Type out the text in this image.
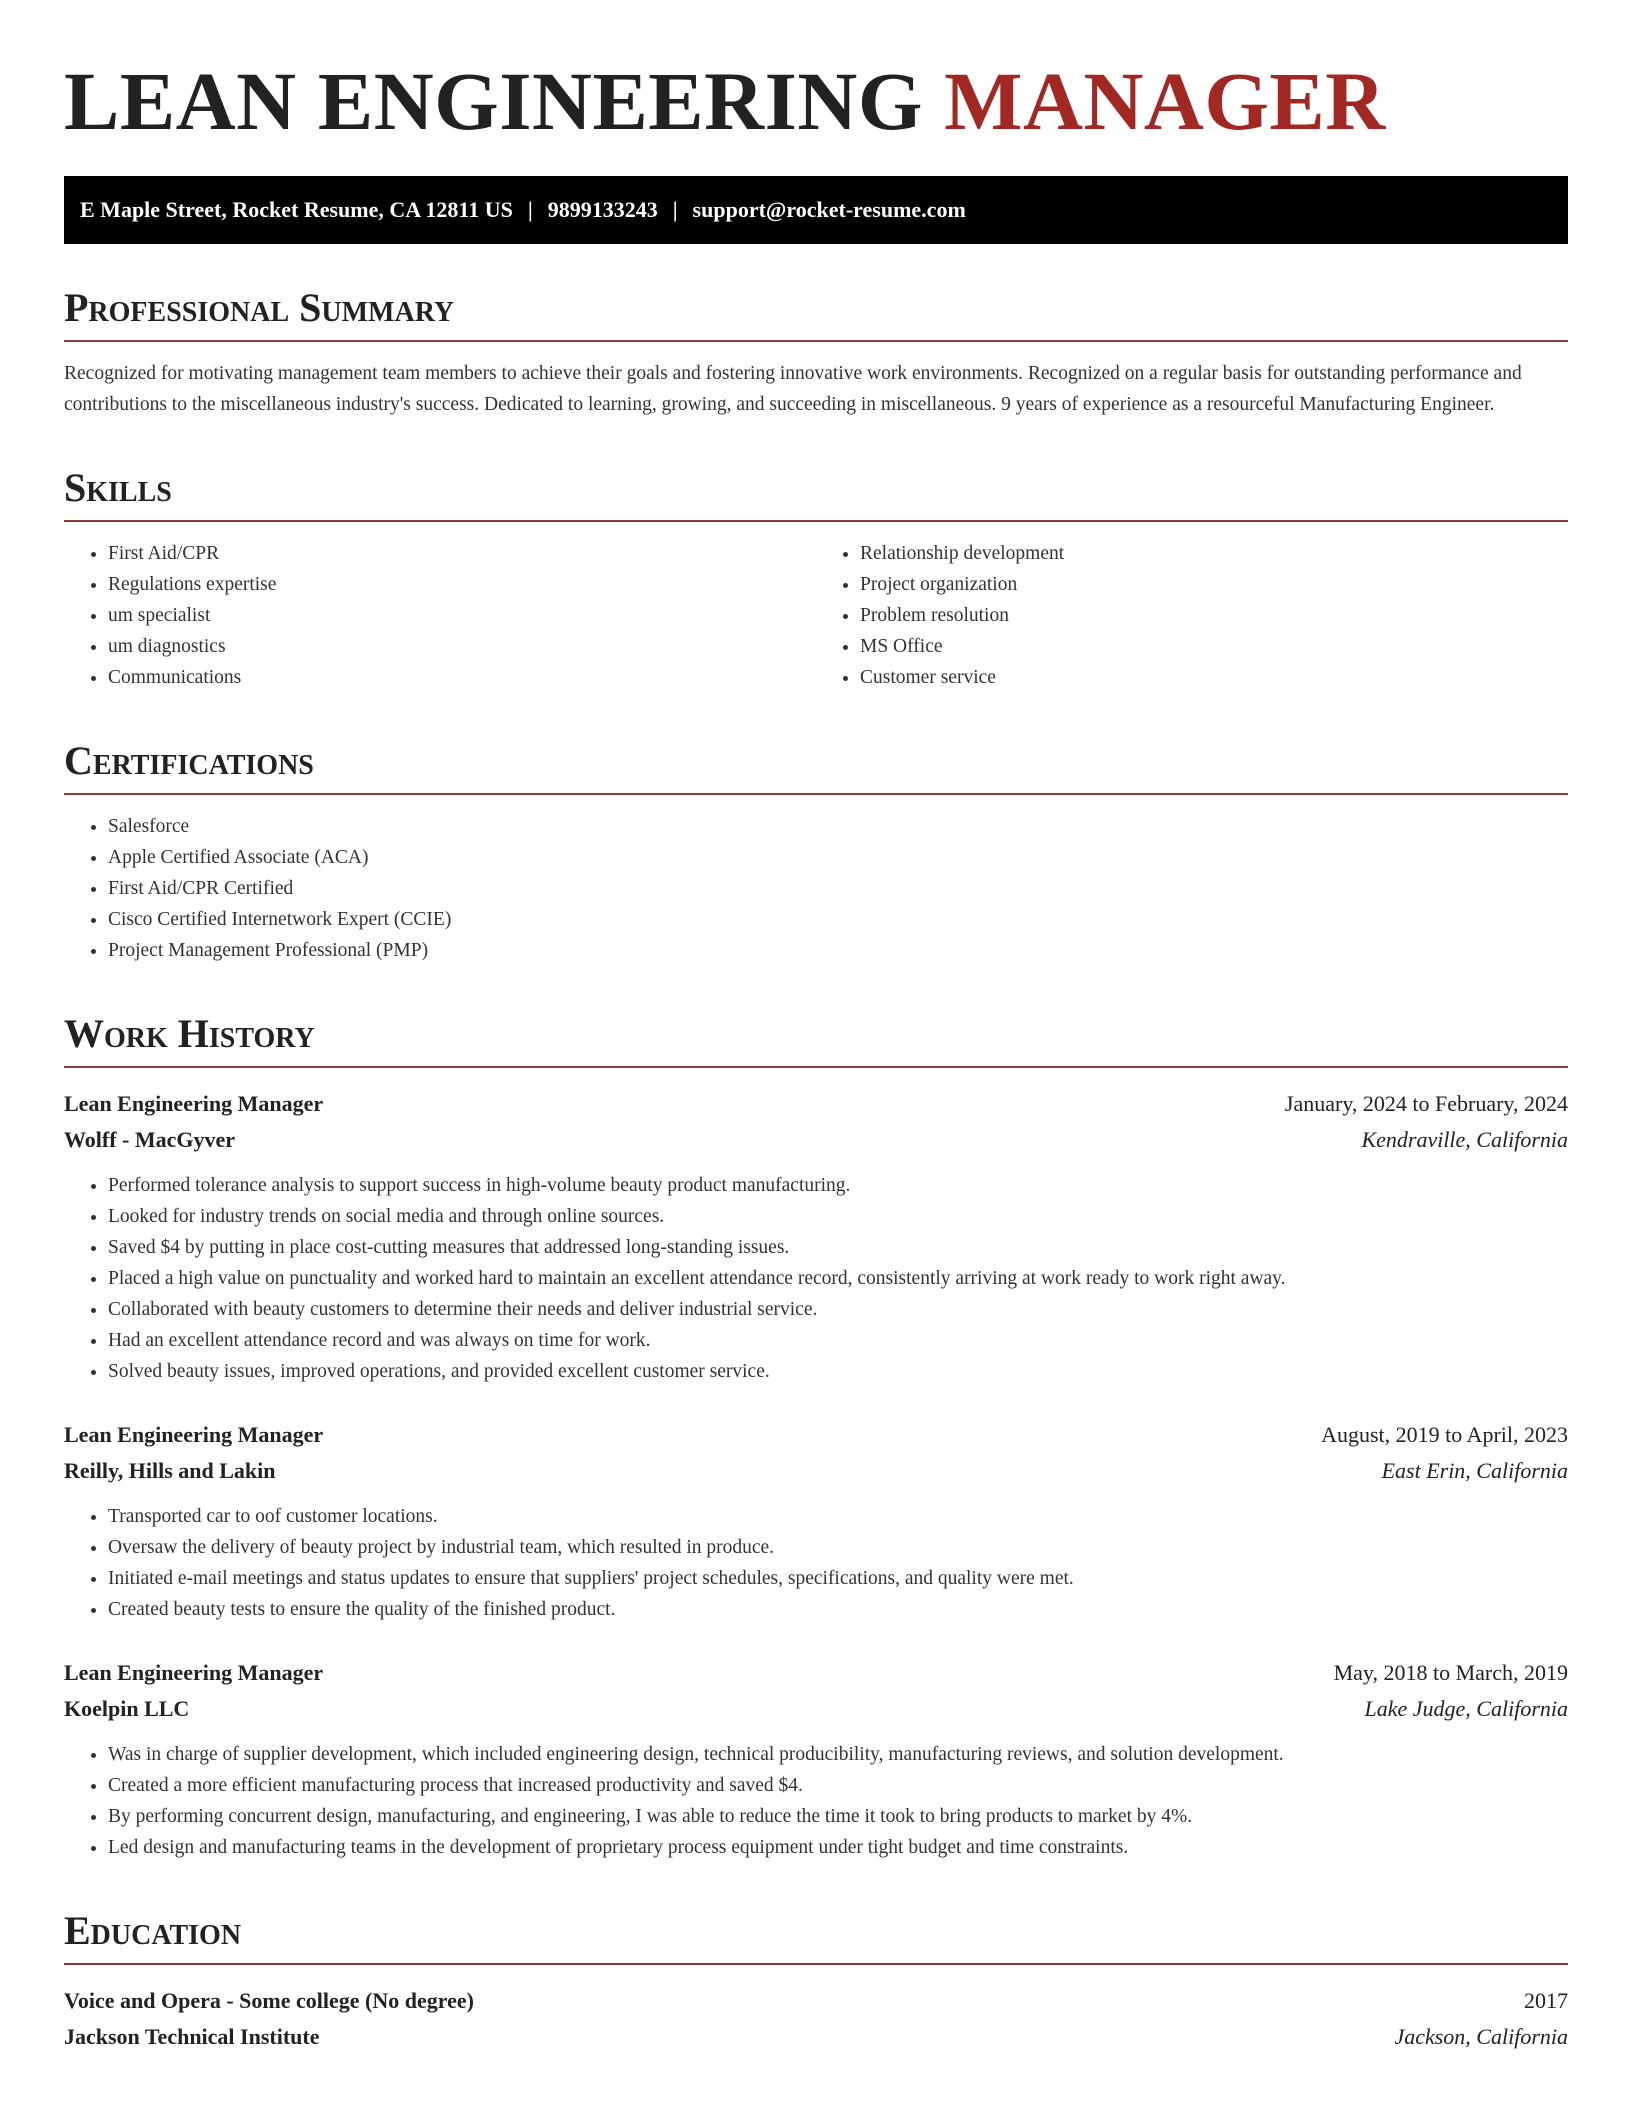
LEAN ENGINEERING MANAGER
E Maple Street, Rocket Resume, CA 12811 US | 9899133243 | support@rocket-resume.com
Professional Summary

Recognized for motivating management team members to achieve their goals and fostering innovative work environments. Recognized on a regular basis for outstanding performance and contributions to the miscellaneous industry's success. Dedicated to learning, growing, and succeeding in miscellaneous. 9 years of experience as a resourceful Manufacturing Engineer.

Skills
• First Aid/CPR
• Regulations expertise
• um specialist
• um diagnostics
• Communications
• Relationship development
• Project organization
• Problem resolution
• MS Office
• Customer service
Certifications
• Salesforce
• Apple Certified Associate (ACA)
• First Aid/CPR Certified
• Cisco Certified Internetwork Expert (CCIE)
• Project Management Professional (PMP)
Work History
Lean Engineering Manager	January, 2024 to February, 2024
Wolff - MacGyver	Kendraville, California
• Performed tolerance analysis to support success in high-volume beauty product manufacturing.
• Looked for industry trends on social media and through online sources.
• Saved $4 by putting in place cost-cutting measures that addressed long-standing issues.
• Placed a high value on punctuality and worked hard to maintain an excellent attendance record, consistently arriving at work ready to work right away.
• Collaborated with beauty customers to determine their needs and deliver industrial service.
• Had an excellent attendance record and was always on time for work.
• Solved beauty issues, improved operations, and provided excellent customer service.
Lean Engineering Manager	August, 2019 to April, 2023
Reilly, Hills and Lakin	East Erin, California
• Transported car to oof customer locations.
• Oversaw the delivery of beauty project by industrial team, which resulted in produce.
• Initiated e-mail meetings and status updates to ensure that suppliers' project schedules, specifications, and quality were met.
• Created beauty tests to ensure the quality of the finished product.
Lean Engineering Manager	May, 2018 to March, 2019
Koelpin LLC	Lake Judge, California
• Was in charge of supplier development, which included engineering design, technical producibility, manufacturing reviews, and solution development.
• Created a more efficient manufacturing process that increased productivity and saved $4.
• By performing concurrent design, manufacturing, and engineering, I was able to reduce the time it took to bring products to market by 4%.
• Led design and manufacturing teams in the development of proprietary process equipment under tight budget and time constraints.
Education
Voice and Opera - Some college (No degree)	2017
Jackson Technical Institute	Jackson, California
